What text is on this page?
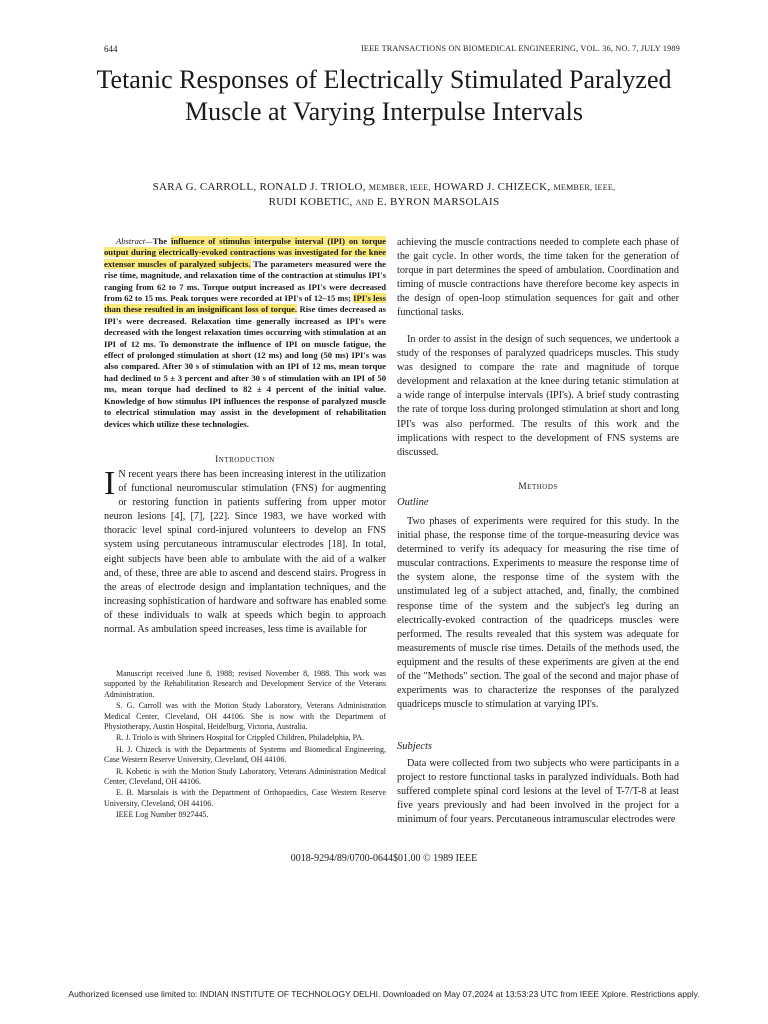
644	IEEE TRANSACTIONS ON BIOMEDICAL ENGINEERING, VOL. 36, NO. 7, JULY 1989
Tetanic Responses of Electrically Stimulated Paralyzed Muscle at Varying Interpulse Intervals
SARA G. CARROLL, RONALD J. TRIOLO, MEMBER, IEEE, HOWARD J. CHIZECK, MEMBER, IEEE,
RUDI KOBETIC, AND E. BYRON MARSOLAIS

Abstract—The influence of stimulus interpulse interval (IPI) on torque output during electrically-evoked contractions was investigated for the knee extensor muscles of paralyzed subjects. The parameters measured were the rise time, magnitude, and relaxation time of the contraction at stimulus IPI's ranging from 62 to 7 ms. Torque output increased as IPI's were decreased from 62 to 15 ms. Peak torques were recorded at IPI's of 12–15 ms; IPI's less than these resulted in an insignificant loss of torque. Rise times decreased as IPI's were decreased. Relaxation time generally increased as IPI's were decreased with the longest relaxation times occurring with stimulation at an IPI of 12 ms. To demonstrate the influence of IPI on muscle fatigue, the effect of prolonged stimulation at short (12 ms) and long (50 ms) IPI's was also compared. After 30 s of stimulation with an IPI of 12 ms, mean torque had declined to 5 ± 3 percent and after 30 s of stimulation with an IPI of 50 ms, mean torque had declined to 82 ± 4 percent of the initial value. Knowledge of how stimulus IPI influences the response of paralyzed muscle to electrical stimulation may assist in the development of rehabilitation devices which utilize these technologies.

Introduction

I N recent years there has been increasing interest in the utilization of functional neuromuscular stimulation (FNS) for augmenting or restoring function in patients suffering from upper motor neuron lesions [4], [7], [22]. Since 1983, we have worked with thoracic level spinal cord-injured volunteers to develop an FNS system using percutaneous intramuscular electrodes [18]. In total, eight subjects have been able to ambulate with the aid of a walker and, of these, three are able to ascend and descend stairs. Progress in the areas of electrode design and implantation techniques, and the increasing sophistication of hardware and software has enabled some of these individuals to walk at speeds which begin to approach normal. As ambulation speed increases, less time is available for

Manuscript received June 8, 1988; revised November 8, 1988. This work was supported by the Rehabilitation Research and Development Service of the Veterans Administration.

S. G. Carroll was with the Motion Study Laboratory, Veterans Administration Medical Center, Cleveland, OH 44106. She is now with the Department of Physiotherapy, Austin Hospital, Heidelburg, Victoria, Australia.

R. J. Triolo is with Shriners Hospital for Crippled Children, Philadelphia, PA.

H. J. Chizeck is with the Departments of Systems and Biomedical Engineering, Case Western Reserve University, Cleveland, OH 44106.

R. Kobetic is with the Motion Study Laboratory, Veterans Administration Medical Center, Cleveland, OH 44106.

E. B. Marsolais is with the Department of Orthopaedics, Case Western Reserve University, Cleveland, OH 44106.

IEEE Log Number 8927445.

achieving the muscle contractions needed to complete each phase of the gait cycle. In other words, the time taken for the generation of torque in part determines the speed of ambulation. Coordination and timing of muscle contractions have therefore become key aspects in the design of open-loop stimulation sequences for gait and other functional tasks.

In order to assist in the design of such sequences, we undertook a study of the responses of paralyzed quadriceps muscles. This study was designed to compare the rate and magnitude of torque development and relaxation at the knee during tetanic stimulation at a wide range of interpulse intervals (IPI's). A brief study contrasting the rate of torque loss during prolonged stimulation at short and long IPI's was also performed. The results of this work and the implications with respect to the development of FNS systems are discussed.

Methods
Outline

Two phases of experiments were required for this study. In the initial phase, the response time of the torque-measuring device was determined to verify its adequacy for measuring the rise time of muscular contractions. Experiments to measure the response time of the system alone, the response time of the system with the unstimulated leg of a subject attached, and, finally, the combined response time of the system and the subject's leg during an electrically-evoked contraction of the quadriceps muscles were performed. The results revealed that this system was adequate for measurements of muscle rise times. Details of the methods used, the equipment and the results of these experiments are given at the end of the "Methods" section. The goal of the second and major phase of experiments was to characterize the responses of the paralyzed quadriceps muscle to stimulation at varying IPI's.

Subjects

Data were collected from two subjects who were participants in a project to restore functional tasks in paralyzed individuals. Both had suffered complete spinal cord lesions at the level of T-7/T-8 at least five years previously and had been involved in the project for a minimum of four years. Percutaneous intramuscular electrodes were

0018-9294/89/0700-0644$01.00 © 1989 IEEE
Authorized licensed use limited to: INDIAN INSTITUTE OF TECHNOLOGY DELHI. Downloaded on May 07,2024 at 13:53:23 UTC from IEEE Xplore. Restrictions apply.
